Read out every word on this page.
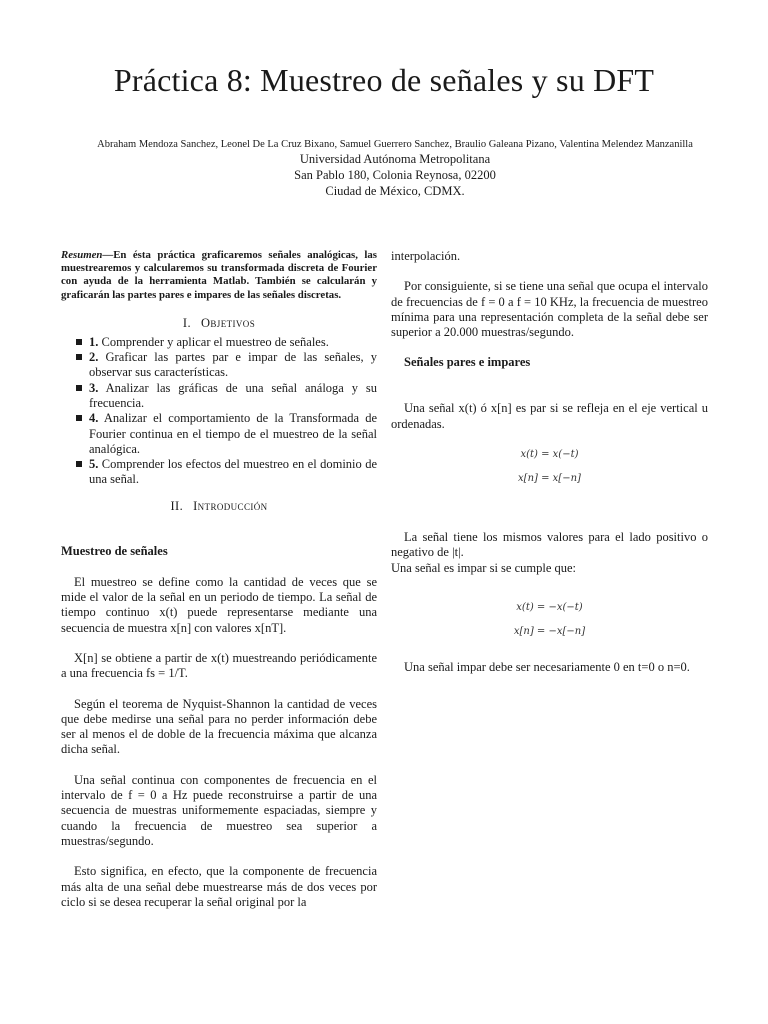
Práctica 8: Muestreo de señales y su DFT
Abraham Mendoza Sanchez, Leonel De La Cruz Bixano, Samuel Guerrero Sanchez, Braulio Galeana Pizano, Valentina Melendez Manzanilla
Universidad Autónoma Metropolitana
San Pablo 180, Colonia Reynosa, 02200
Ciudad de México, CDMX.

Resumen—En ésta práctica graficaremos señales analógicas, las muestrearemos y calcularemos su transformada discreta de Fourier con ayuda de la herramienta Matlab. También se calcularán y graficarán las partes pares e impares de las señales discretas.

I. Objetivos
1. Comprender y aplicar el muestreo de señales.
2. Graficar las partes par e impar de las señales, y observar sus características.
3. Analizar las gráficas de una señal análoga y su frecuencia.
4. Analizar el comportamiento de la Transformada de Fourier continua en el tiempo de el muestreo de la señal analógica.
5. Comprender los efectos del muestreo en el dominio de una señal.
II. Introducción
Muestreo de señales

El muestreo se define como la cantidad de veces que se mide el valor de la señal en un periodo de tiempo. La señal de tiempo continuo x(t) puede representarse mediante una secuencia de muestra x[n] con valores x[nT].

X[n] se obtiene a partir de x(t) muestreando periódicamente a una frecuencia fs = 1/T.

Según el teorema de Nyquist-Shannon la cantidad de veces que debe medirse una señal para no perder información debe ser al menos el de doble de la frecuencia máxima que alcanza dicha señal.

Una señal continua con componentes de frecuencia en el intervalo de f = 0 a Hz puede reconstruirse a partir de una secuencia de muestras uniformemente espaciadas, siempre y cuando la frecuencia de muestreo sea superior a muestras/segundo.

Esto significa, en efecto, que la componente de frecuencia más alta de una señal debe muestrearse más de dos veces por ciclo si se desea recuperar la señal original por la

interpolación.

Por consiguiente, si se tiene una señal que ocupa el intervalo de frecuencias de f = 0 a f = 10 KHz, la frecuencia de muestreo mínima para una representación completa de la señal debe ser superior a 20.000 muestras/segundo.

Señales pares e impares

Una señal x(t) ó x[n] es par si se refleja en el eje vertical u ordenadas.

x(t) = x(−t)
x[n] = x[−n]

La señal tiene los mismos valores para el lado positivo o negativo de |t|.

Una señal es impar si se cumple que:

x(t) = −x(−t)
x[n] = −x[−n]

Una señal impar debe ser necesariamente 0 en t=0 o n=0.
